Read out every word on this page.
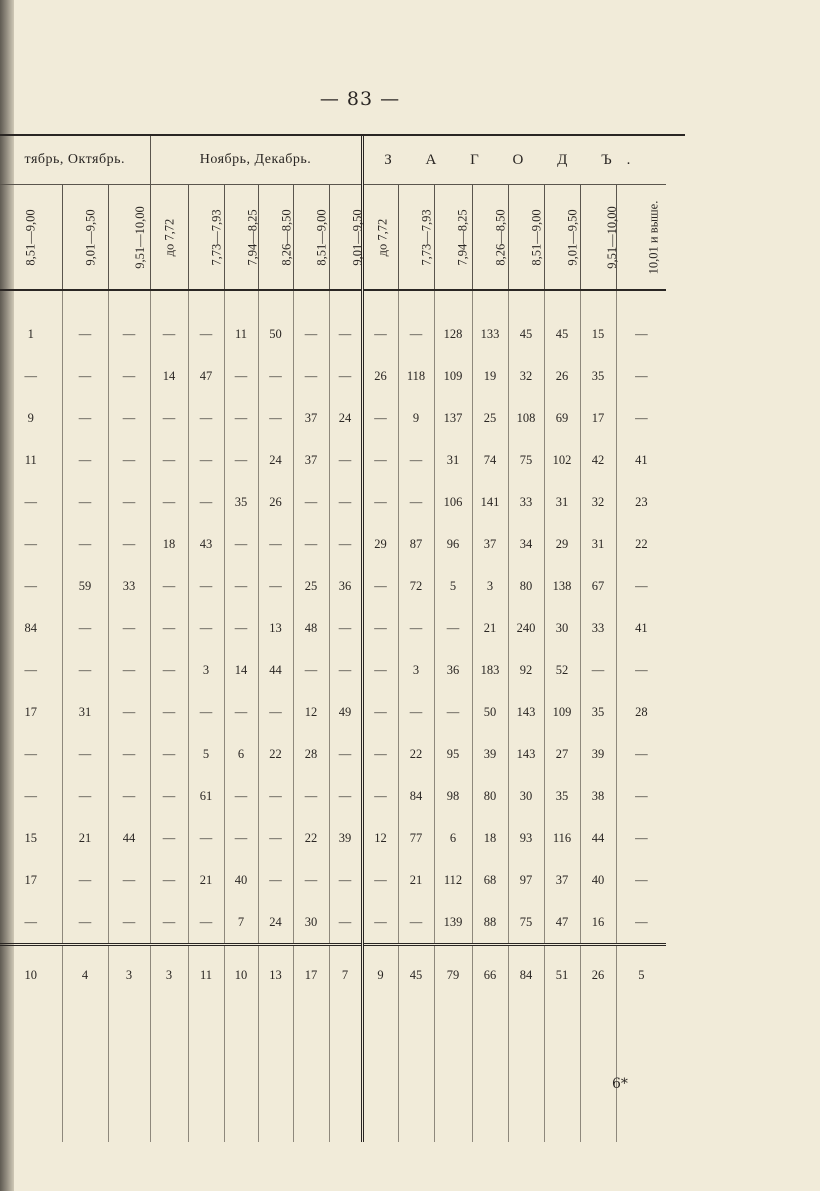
— 83 —
тябрь, Октябрь.			Ноябрь, Декабрь.						З А Г О Д Ъ.							
8,51—9,00	9,01—9,50	9,51—10,00	до 7,72	7,73—7,93	7,94—8,25	8,26—8,50	8,51—9,00	9,01—9,50	до 7,72	7,73—7,93	7,94—8,25	8,26—8,50	8,51—9,00	9,01—9,50	9,51—10,00	10,01 и выше.

1	—	—	—	—	11	50	—	—	—	—	128	133	45	45	15	—
—	—	—	14	47	—	—	—	—	26	118	109	19	32	26	35	—
9	—	—	—	—	—	—	37	24	—	9	137	25	108	69	17	—
11	—	—	—	—	—	24	37	—	—	—	31	74	75	102	42	41
—	—	—	—	—	35	26	—	—	—	—	106	141	33	31	32	23
—	—	—	18	43	—	—	—	—	29	87	96	37	34	29	31	22
—	59	33	—	—	—	—	25	36	—	72	5	3	80	138	67	—
84	—	—	—	—	—	13	48	—	—	—	—	21	240	30	33	41
—	—	—	—	3	14	44	—	—	—	3	36	183	92	52	—	—
17	31	—	—	—	—	—	12	49	—	—	—	50	143	109	35	28
—	—	—	—	5	6	22	28	—	—	22	95	39	143	27	39	—
—	—	—	—	61	—	—	—	—	—	84	98	80	30	35	38	—
15	21	44	—	—	—	—	22	39	12	77	6	18	93	116	44	—
17	—	—	—	21	40	—	—	—	—	21	112	68	97	37	40	—
—	—	—	—	—	7	24	30	—	—	—	139	88	75	47	16	—
10	4	3	3	11	10	13	17	7	9	45	79	66	84	51	26	5

6*
